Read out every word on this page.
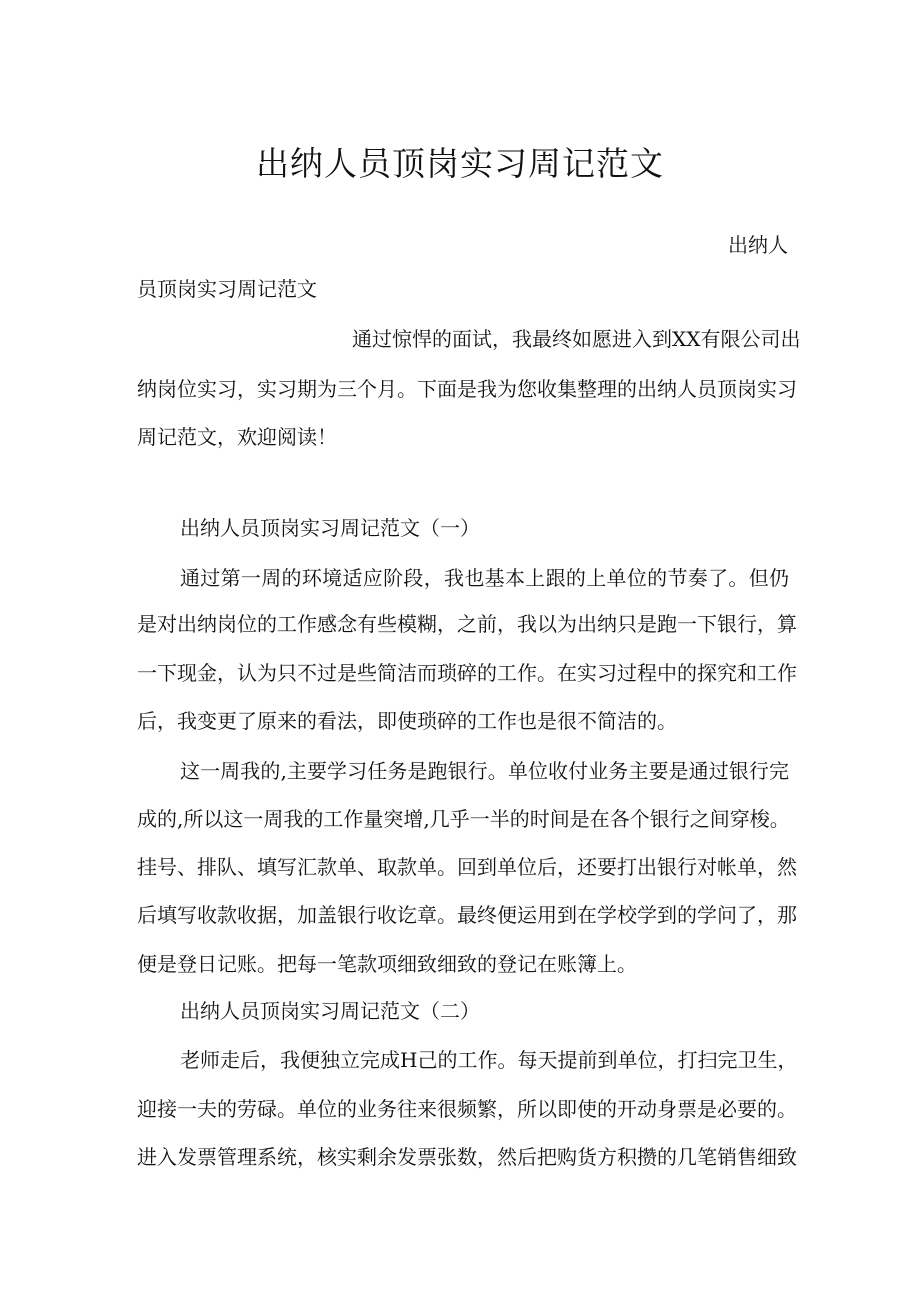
出纳人员顶岗实习周记范文

出纳人

员顶岗实习周记范文

通过惊悍的面试，我最终如愿进入到XX有限公司出

纳岗位实习，实习期为三个月。下面是我为您收集整理的出纳人员顶岗实习

周记范文，欢迎阅读！

出纳人员顶岗实习周记范文（一）

通过第一周的环境适应阶段，我也基本上跟的上单位的节奏了。但仍

是对出纳岗位的工作感念有些模糊，之前，我以为出纳只是跑一下银行，算

一下现金，认为只不过是些简洁而琐碎的工作。在实习过程中的探究和工作

后，我变更了原来的看法，即使琐碎的工作也是很不简洁的。

这一周我的,主要学习任务是跑银行。单位收付业务主要是通过银行完

成的,所以这一周我的工作量突增,几乎一半的时间是在各个银行之间穿梭。

挂号、排队、填写汇款单、取款单。回到单位后，还要打出银行对帐单，然

后填写收款收据，加盖银行收讫章。最终便运用到在学校学到的学问了，那

便是登日记账。把每一笔款项细致细致的登记在账簿上。

出纳人员顶岗实习周记范文（二）

老师走后，我便独立完成H己的工作。每天提前到单位，打扫完卫生，

迎接一夫的劳碌。单位的业务往来很频繁，所以即使的开动身票是必要的。

进入发票管理系统，核实剩余发票张数，然后把购货方积攒的几笔销售细致
